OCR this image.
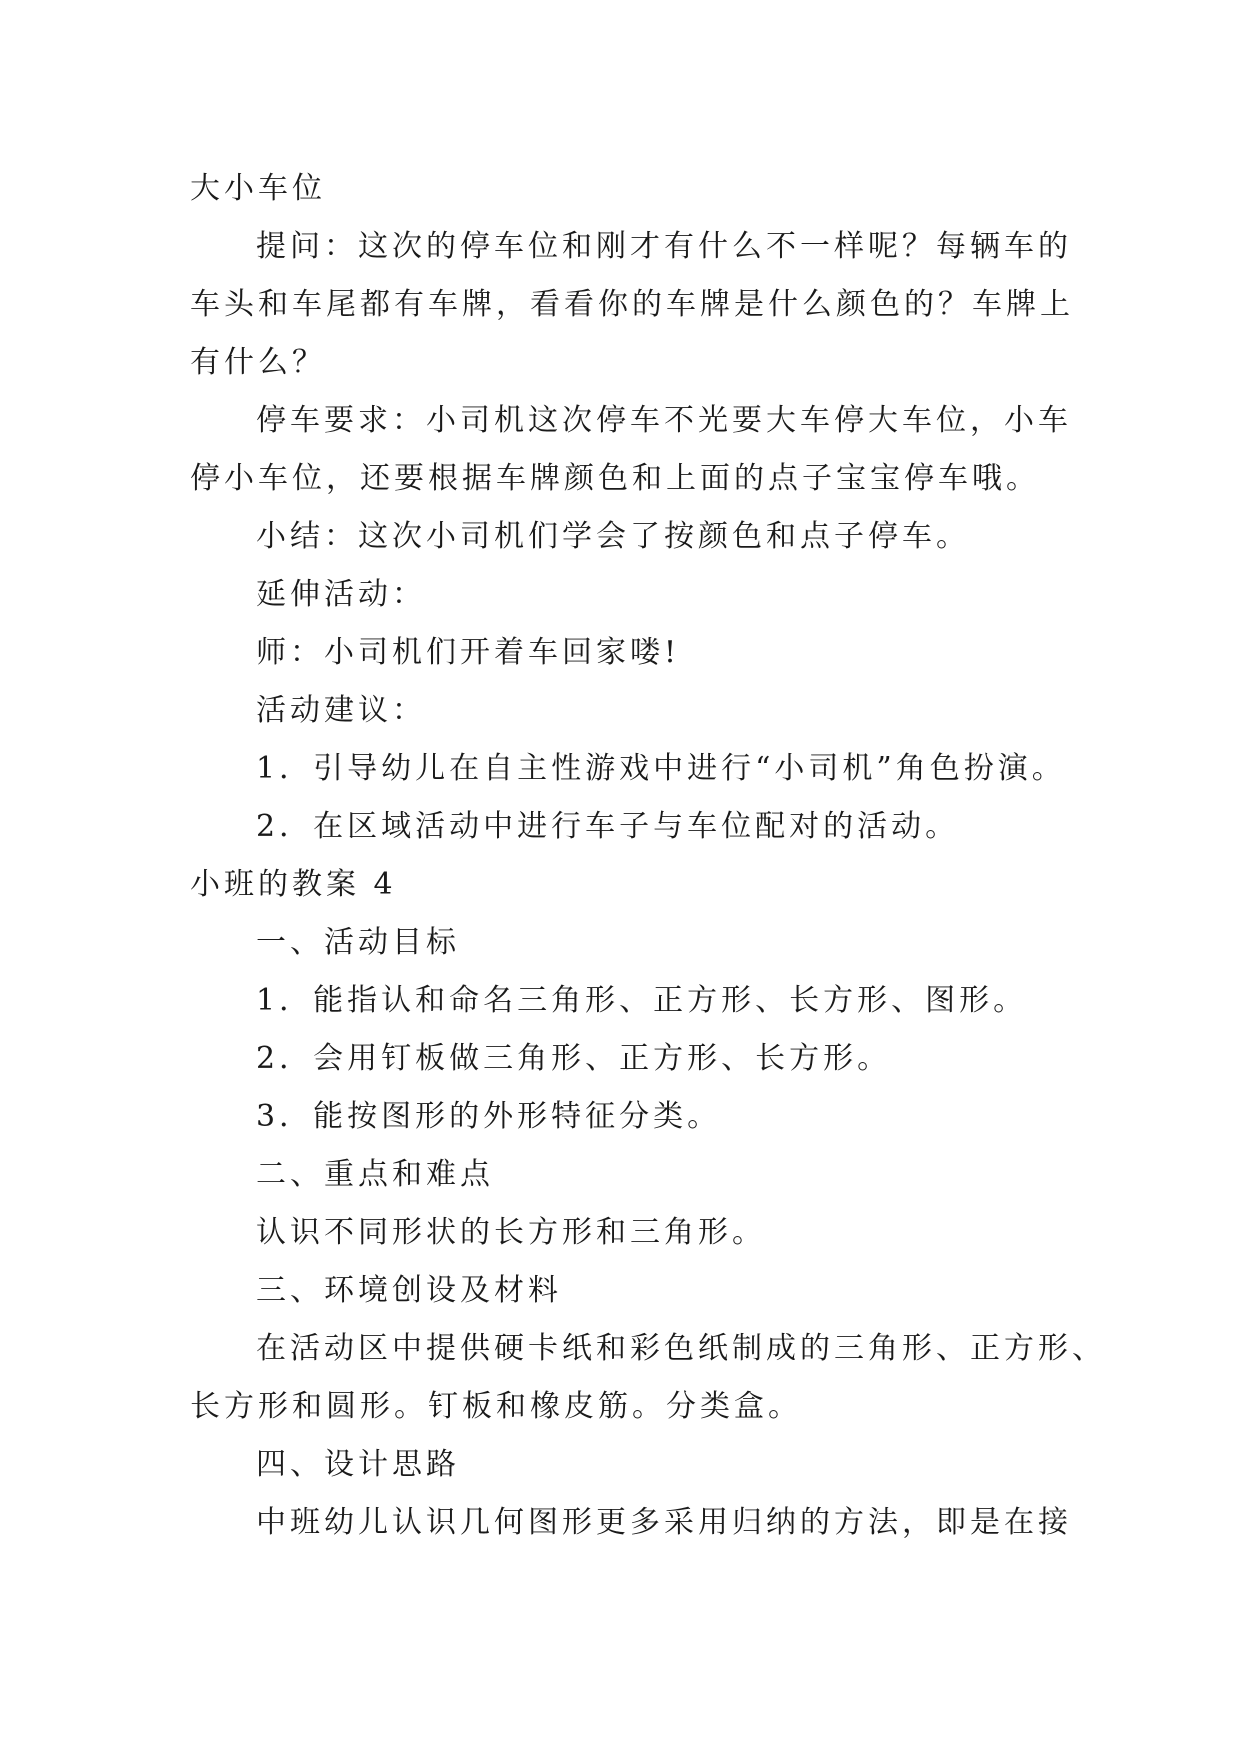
大小车位
提问：这次的停车位和刚才有什么不一样呢？每辆车的
车头和车尾都有车牌，看看你的车牌是什么颜色的？车牌上
有什么？
停车要求：小司机这次停车不光要大车停大车位，小车
停小车位，还要根据车牌颜色和上面的点子宝宝停车哦。
小结：这次小司机们学会了按颜色和点子停车。
延伸活动：
师：小司机们开着车回家喽!
活动建议：
1．引导幼儿在自主性游戏中进行“小司机”角色扮演。
2．在区域活动中进行车子与车位配对的活动。
小班的教案 4
一、活动目标
1．能指认和命名三角形、正方形、长方形、图形。
2．会用钉板做三角形、正方形、长方形。
3．能按图形的外形特征分类。
二、重点和难点
认识不同形状的长方形和三角形。
三、环境创设及材料
在活动区中提供硬卡纸和彩色纸制成的三角形、正方形、
长方形和圆形。钉板和橡皮筋。分类盒。
四、设计思路
中班幼儿认识几何图形更多采用归纳的方法，即是在接
